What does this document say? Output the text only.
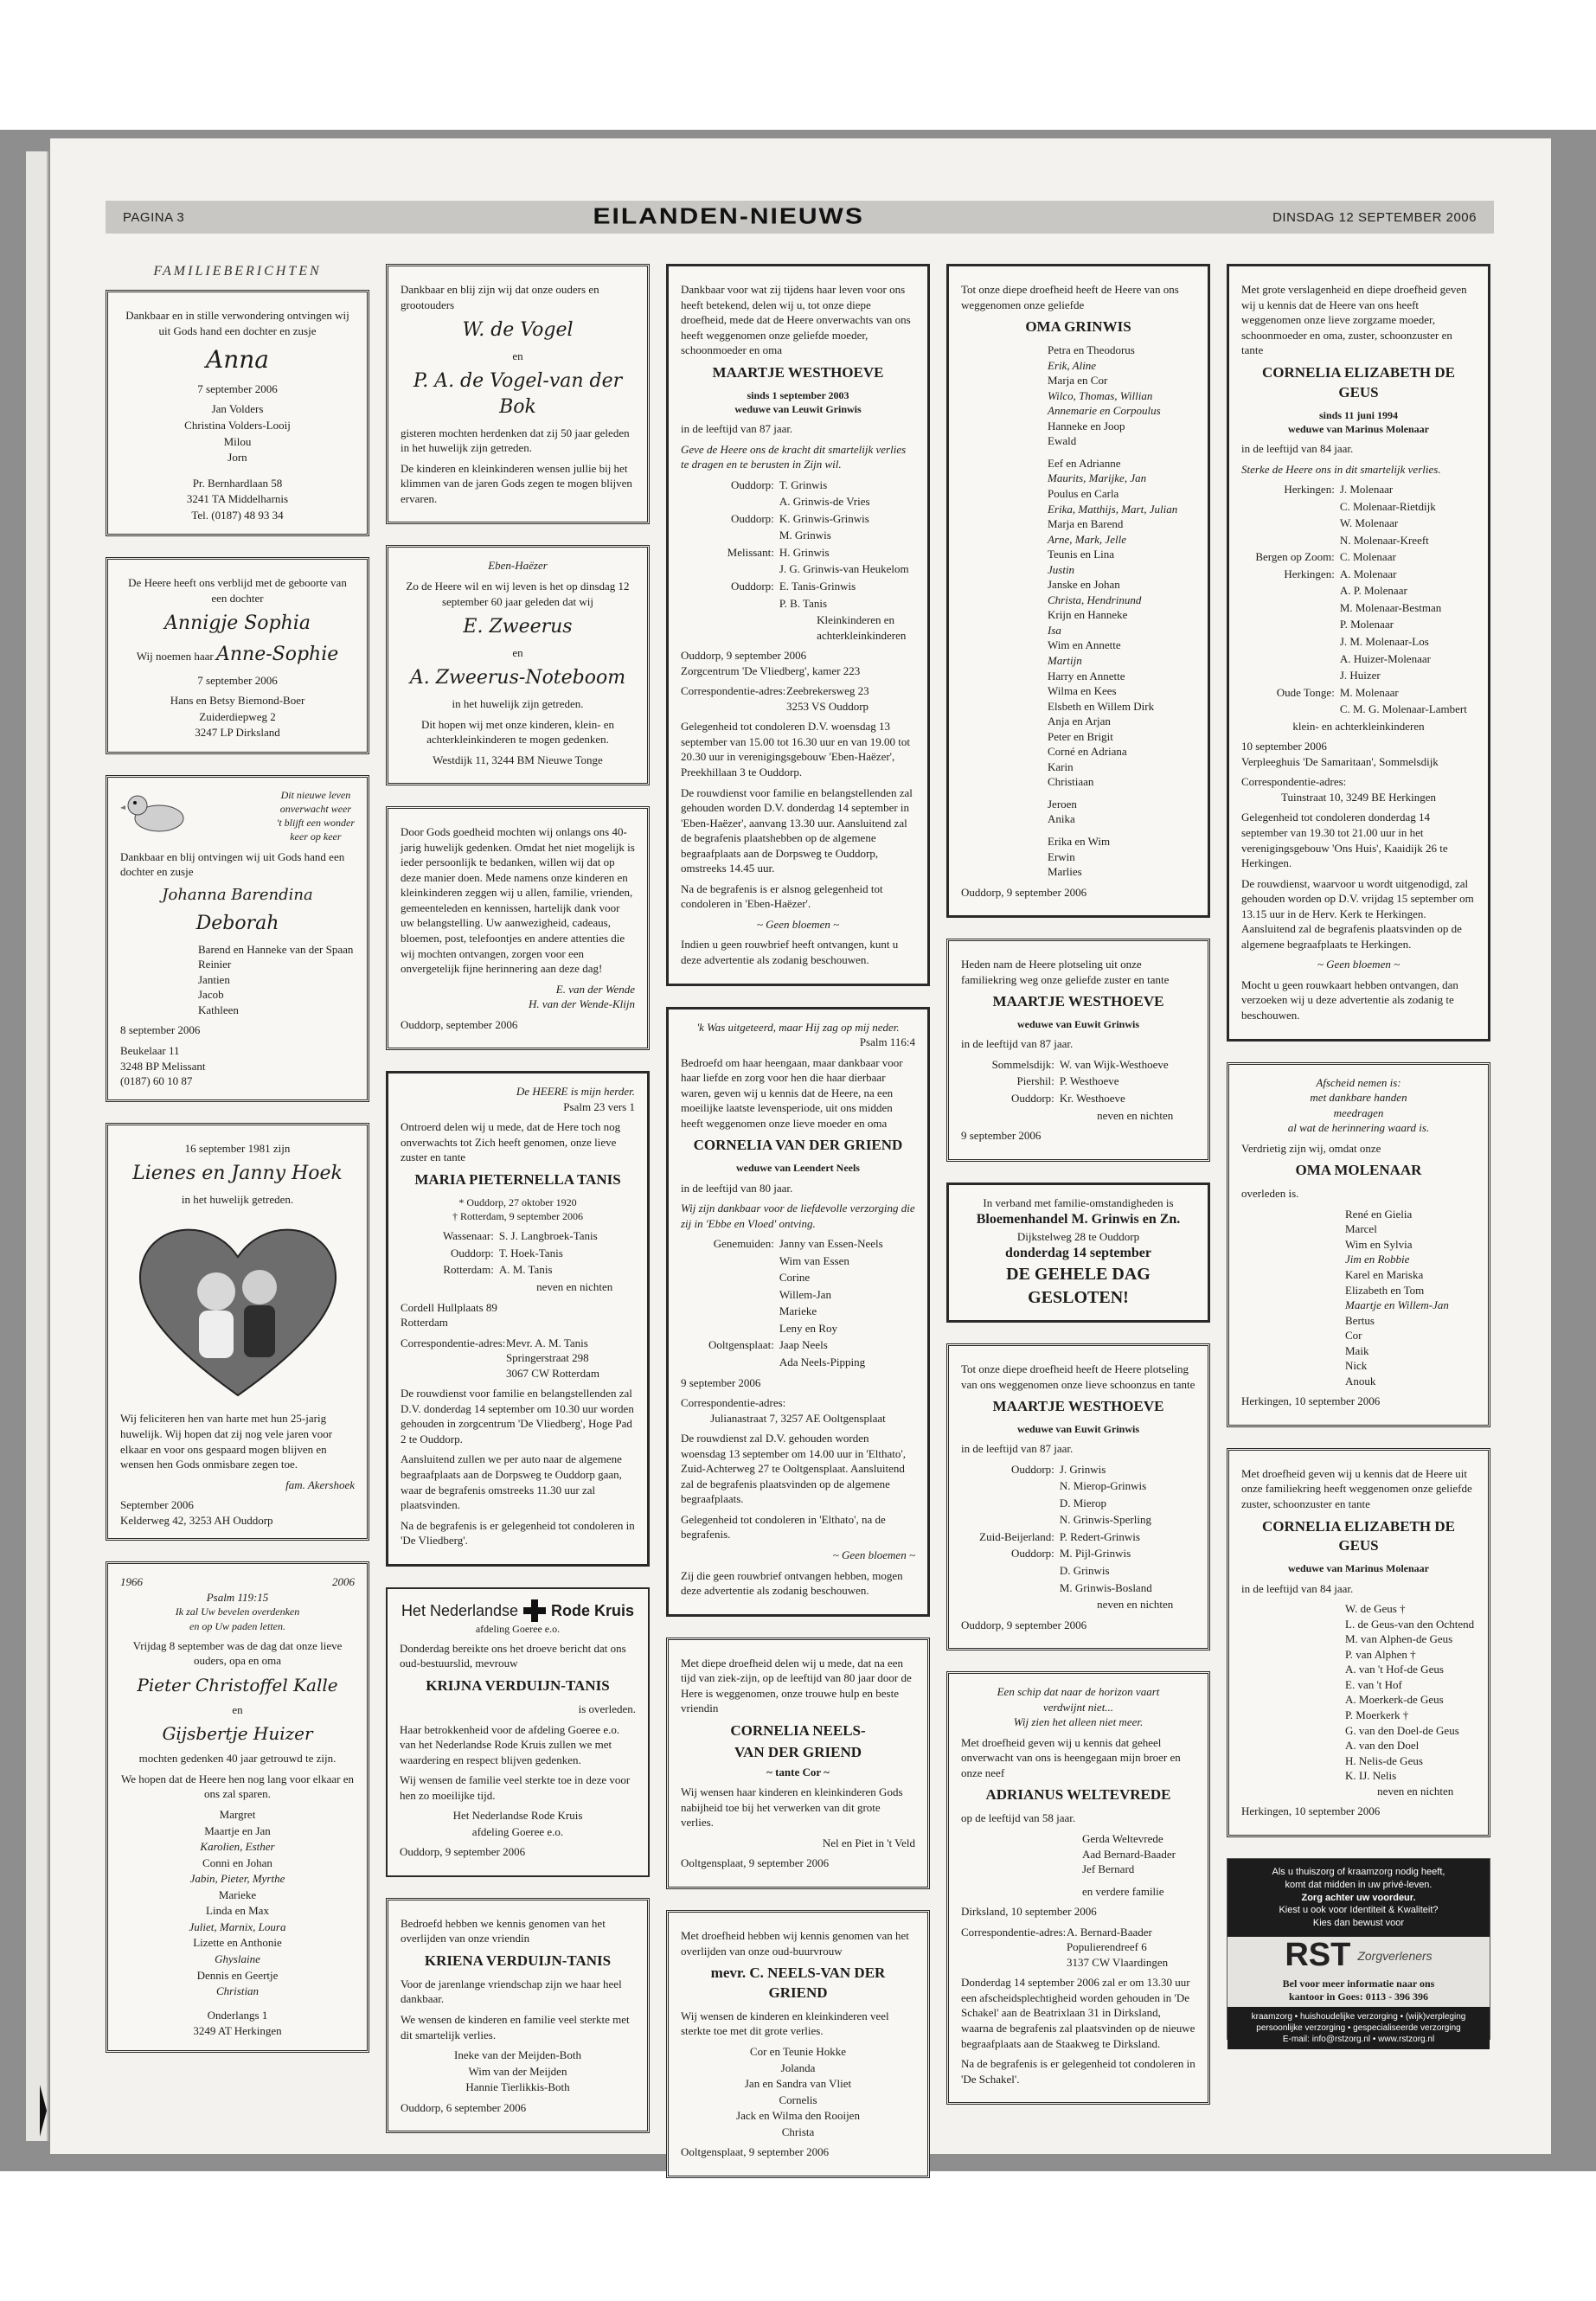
PAGINA 3	EILANDEN-NIEUWS	DINSDAG 12 SEPTEMBER 2006
FAMILIEBERICHTEN
Dankbaar en in stille verwondering ontvingen wij uit Gods hand een dochter en zusje
Anna
7 september 2006
Jan Volders
Christina Volders-Looij
Milou
Jorn
Pr. Bernhardlaan 58
3241 TA Middelharnis
Tel. (0187) 48 93 34
De Heere heeft ons verblijd met de geboorte van een dochter
Annigje Sophia
Wij noemen haar Anne-Sophie
7 september 2006
Hans en Betsy Biemond-Boer
Zuiderdiepweg 2
3247 LP Dirksland
Dit nieuwe leven
onverwacht weer
't blijft een wonder
keer op keer
Dankbaar en blij ontvingen wij uit Gods hand een dochter en zusje
Johanna Barendina
Deborah
Barend en Hanneke van der Spaan
Reinier
Jantien
Jacob
Kathleen
8 september 2006
Beukelaar 11
3248 BP Melissant
(0187) 60 10 87
16 september 1981 zijn
Lienes en Janny Hoek
in het huwelijk getreden.
Wij feliciteren hen van harte met hun 25-jarig huwelijk. Wij hopen dat zij nog vele jaren voor elkaar en voor ons gespaard mogen blijven en wensen hen Gods onmisbare zegen toe.
fam. Akershoek
September 2006
Kelderweg 42, 3253 AH Ouddorp
1966	2006
Psalm 119:15
Ik zal Uw bevelen overdenken
en op Uw paden letten.
Vrijdag 8 september was de dag dat onze lieve ouders, opa en oma
Pieter Christoffel Kalle
en
Gijsbertje Huizer
mochten gedenken 40 jaar getrouwd te zijn.
We hopen dat de Heere hen nog lang voor elkaar en ons zal sparen.
Margret
Maartje en Jan
Karolien, Esther
Conni en Johan
Jabin, Pieter, Myrthe
Marieke
Linda en Max
Juliet, Marnix, Loura
Lizette en Anthonie
Ghyslaine
Dennis en Geertje
Christian
Onderlangs 1
3249 AT Herkingen
Dankbaar en blij zijn wij dat onze ouders en grootouders
W. de Vogel
en
P. A. de Vogel-van der Bok
gisteren mochten herdenken dat zij 50 jaar geleden in het huwelijk zijn getreden.
De kinderen en kleinkinderen wensen jullie bij het klimmen van de jaren Gods zegen te mogen blijven ervaren.
Eben-Haëzer
Zo de Heere wil en wij leven is het op dinsdag 12 september 60 jaar geleden dat wij
E. Zweerus
en
A. Zweerus-Noteboom
in het huwelijk zijn getreden.
Dit hopen wij met onze kinderen, klein- en achterkleinkinderen te mogen gedenken.
Westdijk 11, 3244 BM Nieuwe Tonge
Door Gods goedheid mochten wij onlangs ons 40-jarig huwelijk gedenken. Omdat het niet mogelijk is ieder persoonlijk te bedanken, willen wij dat op deze manier doen. Mede namens onze kinderen en kleinkinderen zeggen wij u allen, familie, vrienden, gemeenteleden en kennissen, hartelijk dank voor uw belangstelling. Uw aanwezigheid, cadeaus, bloemen, post, telefoontjes en andere attenties die wij mochten ontvangen, zorgen voor een onvergetelijk fijne herinnering aan deze dag!
E. van der Wende
H. van der Wende-Klijn
Ouddorp, september 2006
De HEERE is mijn herder.
Psalm 23 vers 1
Ontroerd delen wij u mede, dat de Here toch nog onverwachts tot Zich heeft genomen, onze lieve zuster en tante
MARIA PIETERNELLA TANIS
* Ouddorp, 27 oktober 1920
† Rotterdam, 9 september 2006
Wassenaar: S. J. Langbroek-Tanis
Ouddorp: T. Hoek-Tanis
Rotterdam: A. M. Tanis
neven en nichten
Cordell Hullplaats 89
Rotterdam
Correspondentie-adres: Mevr. A. M. Tanis
Springerstraat 298
3067 CW Rotterdam
De rouwdienst voor familie en belangstellenden zal D.V. donderdag 14 september om 10.30 uur worden gehouden in zorgcentrum 'De Vliedberg', Hoge Pad 2 te Ouddorp.
Aansluitend zullen we per auto naar de algemene begraafplaats aan de Dorpsweg te Ouddorp gaan, waar de begrafenis omstreeks 11.30 uur zal plaatsvinden.
Na de begrafenis is er gelegenheid tot condoleren in 'De Vliedberg'.
Het Nederlandse Rode Kruis
afdeling Goeree e.o.
Donderdag bereikte ons het droeve bericht dat ons oud-bestuurslid, mevrouw
KRIJNA VERDUIJN-TANIS
is overleden.
Haar betrokkenheid voor de afdeling Goeree e.o. van het Nederlandse Rode Kruis zullen we met waardering en respect blijven gedenken.
Wij wensen de familie veel sterkte toe in deze voor hen zo moeilijke tijd.
Het Nederlandse Rode Kruis
afdeling Goeree e.o.
Ouddorp, 9 september 2006
Bedroefd hebben we kennis genomen van het overlijden van onze vriendin
KRIENA VERDUIJN-TANIS
Voor de jarenlange vriendschap zijn we haar heel dankbaar.
We wensen de kinderen en familie veel sterkte met dit smartelijk verlies.
Ineke van der Meijden-Both
Wim van der Meijden
Hannie Tierlikkis-Both
Ouddorp, 6 september 2006
Dankbaar voor wat zij tijdens haar leven voor ons heeft betekend, delen wij u, tot onze diepe droefheid, mede dat de Heere onverwachts van ons heeft weggenomen onze geliefde moeder, schoonmoeder en oma
MAARTJE WESTHOEVE
sinds 1 september 2003
weduwe van Leuwit Grinwis
in de leeftijd van 87 jaar.
Geve de Heere ons de kracht dit smartelijk verlies te dragen en te berusten in Zijn wil.
Ouddorp: T. Grinwis
A. Grinwis-de Vries
Ouddorp: K. Grinwis-Grinwis
M. Grinwis
Melissant: H. Grinwis
J. G. Grinwis-van Heukelom
Ouddorp: E. Tanis-Grinwis
P. B. Tanis
Kleinkinderen en
achterkleinkinderen
Ouddorp, 9 september 2006
Zorgcentrum 'De Vliedberg', kamer 223
Correspondentie-adres: Zeebrekersweg 23
3253 VS Ouddorp
Gelegenheid tot condoleren D.V. woensdag 13 september van 15.00 tot 16.30 uur en van 19.00 tot 20.30 uur in verenigingsgebouw 'Eben-Haëzer', Preekhillaan 3 te Ouddorp.
De rouwdienst voor familie en belangstellenden zal gehouden worden D.V. donderdag 14 september in 'Eben-Haëzer', aanvang 13.30 uur. Aansluitend zal de begrafenis plaatshebben op de algemene begraafplaats aan de Dorpsweg te Ouddorp, omstreeks 14.45 uur.
Na de begrafenis is er alsnog gelegenheid tot condoleren in 'Eben-Haëzer'.
~ Geen bloemen ~
Indien u geen rouwbrief heeft ontvangen, kunt u deze advertentie als zodanig beschouwen.
'k Was uitgeteerd, maar Hij zag op mij neder.
Psalm 116:4
Bedroefd om haar heengaan, maar dankbaar voor haar liefde en zorg voor hen die haar dierbaar waren, geven wij u kennis dat de Heere, na een moeilijke laatste levensperiode, uit ons midden heeft weggenomen onze lieve moeder en oma
CORNELIA VAN DER GRIEND
weduwe van Leendert Neels
in de leeftijd van 80 jaar.
Wij zijn dankbaar voor de liefdevolle verzorging die zij in 'Ebbe en Vloed' ontving.
Genemuiden: Janny van Essen-Neels
Wim van Essen
Corine
Willem-Jan
Marieke
Leny en Roy
Ooltgensplaat: Jaap Neels
Ada Neels-Pipping
9 september 2006
Correspondentie-adres:
Julianastraat 7, 3257 AE Ooltgensplaat
De rouwdienst zal D.V. gehouden worden woensdag 13 september om 14.00 uur in 'Elthato', Zuid-Achterweg 27 te Ooltgensplaat. Aansluitend zal de begrafenis plaatsvinden op de algemene begraafplaats.
Gelegenheid tot condoleren in 'Elthato', na de begrafenis.
~ Geen bloemen ~
Zij die geen rouwbrief ontvangen hebben, mogen deze advertentie als zodanig beschouwen.
Met diepe droefheid delen wij u mede, dat na een tijd van ziek-zijn, op de leeftijd van 80 jaar door de Here is weggenomen, onze trouwe hulp en beste vriendin
CORNELIA NEELS-
VAN DER GRIEND
~ tante Cor ~
Wij wensen haar kinderen en kleinkinderen Gods nabijheid toe bij het verwerken van dit grote verlies.
Nel en Piet in 't Veld
Ooltgensplaat, 9 september 2006
Met droefheid hebben wij kennis genomen van het overlijden van onze oud-buurvrouw
mevr. C. NEELS-VAN DER GRIEND
Wij wensen de kinderen en kleinkinderen veel sterkte toe met dit grote verlies.
Cor en Teunie Hokke
Jolanda
Jan en Sandra van Vliet
Cornelis
Jack en Wilma den Rooijen
Christa
Ooltgensplaat, 9 september 2006
Tot onze diepe droefheid heeft de Heere van ons weggenomen onze geliefde
OMA GRINWIS
Petra en Theodorus
Erik, Aline
Marja en Cor
Wilco, Thomas, Willian
Annemarie en Corpoulus
Hanneke en Joop
Ewald
Eef en Adrianne
Maurits, Marijke, Jan
Poulus en Carla
Erika, Matthijs, Mart, Julian
Marja en Barend
Arne, Mark, Jelle
Teunis en Lina
Justin
Janske en Johan
Christa, Hendrinund
Krijn en Hanneke
Isa
Wim en Annette
Martijn
Harry en Annette
Wilma en Kees
Elsbeth en Willem Dirk
Anja en Arjan
Peter en Brigit
Corné en Adriana
Karin
Christiaan
Jeroen
Anika
Erika en Wim
Erwin
Marlies
Ouddorp, 9 september 2006
Heden nam de Heere plotseling uit onze familiekring weg onze geliefde zuster en tante
MAARTJE WESTHOEVE
weduwe van Euwit Grinwis
in de leeftijd van 87 jaar.
Sommelsdijk: W. van Wijk-Westhoeve
Piershil: P. Westhoeve
Ouddorp: Kr. Westhoeve
neven en nichten
9 september 2006
In verband met familie-omstandigheden is
Bloemenhandel M. Grinwis en Zn.
Dijkstelweg 28 te Ouddorp
donderdag 14 september
DE GEHELE DAG GESLOTEN!
Tot onze diepe droefheid heeft de Heere plotseling van ons weggenomen onze lieve schoonzus en tante
MAARTJE WESTHOEVE
weduwe van Euwit Grinwis
in de leeftijd van 87 jaar.
Ouddorp: J. Grinwis
N. Mierop-Grinwis
D. Mierop
N. Grinwis-Sperling
Zuid-Beijerland: P. Redert-Grinwis
Ouddorp: M. Pijl-Grinwis
D. Grinwis
M. Grinwis-Bosland
neven en nichten
Ouddorp, 9 september 2006
Een schip dat naar de horizon vaart
verdwijnt niet...
Wij zien het alleen niet meer.
Met droefheid geven wij u kennis dat geheel onverwacht van ons is heengegaan mijn broer en onze neef
ADRIANUS WELTEVREDE
op de leeftijd van 58 jaar.
Gerda Weltevrede
Aad Bernard-Baader
Jef Bernard
en verdere familie
Dirksland, 10 september 2006
Correspondentie-adres: A. Bernard-Baader
Populierendreef 6
3137 CW Vlaardingen
Donderdag 14 september 2006 zal er om 13.30 uur een afscheidsplechtigheid worden gehouden in 'De Schakel' aan de Beatrixlaan 31 in Dirksland, waarna de begrafenis zal plaatsvinden op de nieuwe begraafplaats aan de Staakweg te Dirksland.
Na de begrafenis is er gelegenheid tot condoleren in 'De Schakel'.
Met grote verslagenheid en diepe droefheid geven wij u kennis dat de Heere van ons heeft weggenomen onze lieve zorgzame moeder, schoonmoeder en oma, zuster, schoonzuster en tante
CORNELIA ELIZABETH DE GEUS
sinds 11 juni 1994
weduwe van Marinus Molenaar
in de leeftijd van 84 jaar.
Sterke de Heere ons in dit smartelijk verlies.
Herkingen: J. Molenaar
C. Molenaar-Rietdijk
W. Molenaar
N. Molenaar-Kreeft
Bergen op Zoom: C. Molenaar
Herkingen: A. Molenaar
A. P. Molenaar
M. Molenaar-Bestman
P. Molenaar
J. M. Molenaar-Los
A. Huizer-Molenaar
J. Huizer
Oude Tonge: M. Molenaar
C. M. G. Molenaar-Lambert
klein- en achterkleinkinderen
10 september 2006
Verpleeghuis 'De Samaritaan', Sommelsdijk
Correspondentie-adres:
Tuinstraat 10, 3249 BE Herkingen
Gelegenheid tot condoleren donderdag 14 september van 19.30 tot 21.00 uur in het verenigingsgebouw 'Ons Huis', Kaaidijk 26 te Herkingen.
De rouwdienst, waarvoor u wordt uitgenodigd, zal gehouden worden op D.V. vrijdag 15 september om 13.15 uur in de Herv. Kerk te Herkingen. Aansluitend zal de begrafenis plaatsvinden op de algemene begraafplaats te Herkingen.
~ Geen bloemen ~
Mocht u geen rouwkaart hebben ontvangen, dan verzoeken wij u deze advertentie als zodanig te beschouwen.
Afscheid nemen is:
met dankbare handen
meedragen
al wat de herinnering waard is.
Verdrietig zijn wij, omdat onze
OMA MOLENAAR
overleden is.
René en Gielia
Marcel
Wim en Sylvia
Jim en Robbie
Karel en Mariska
Elizabeth en Tom
Maartje en Willem-Jan
Bertus
Cor
Maik
Nick
Anouk
Herkingen, 10 september 2006
Met droefheid geven wij u kennis dat de Heere uit onze familiekring heeft weggenomen onze geliefde zuster, schoonzuster en tante
CORNELIA ELIZABETH DE GEUS
weduwe van Marinus Molenaar
in de leeftijd van 84 jaar.
W. de Geus †
L. de Geus-van den Ochtend
M. van Alphen-de Geus
P. van Alphen †
A. van 't Hof-de Geus
E. van 't Hof
A. Moerkerk-de Geus
P. Moerkerk †
G. van den Doel-de Geus
A. van den Doel
H. Nelis-de Geus
K. IJ. Nelis
neven en nichten
Herkingen, 10 september 2006
Als u thuiszorg of kraamzorg nodig heeft,
komt dat midden in uw privé-leven.
Zorg achter uw voordeur.
Kiest u ook voor Identiteit & Kwaliteit?
Kies dan bewust voor
RST Zorgverleners
Bel voor meer informatie naar ons
kantoor in Goes: 0113 - 396 396
kraamzorg • huishoudelijke verzorging • (wijk)verpleging
persoonlijke verzorging • gespecialiseerde verzorging
E-mail: info@rstzorg.nl • www.rstzorg.nl
